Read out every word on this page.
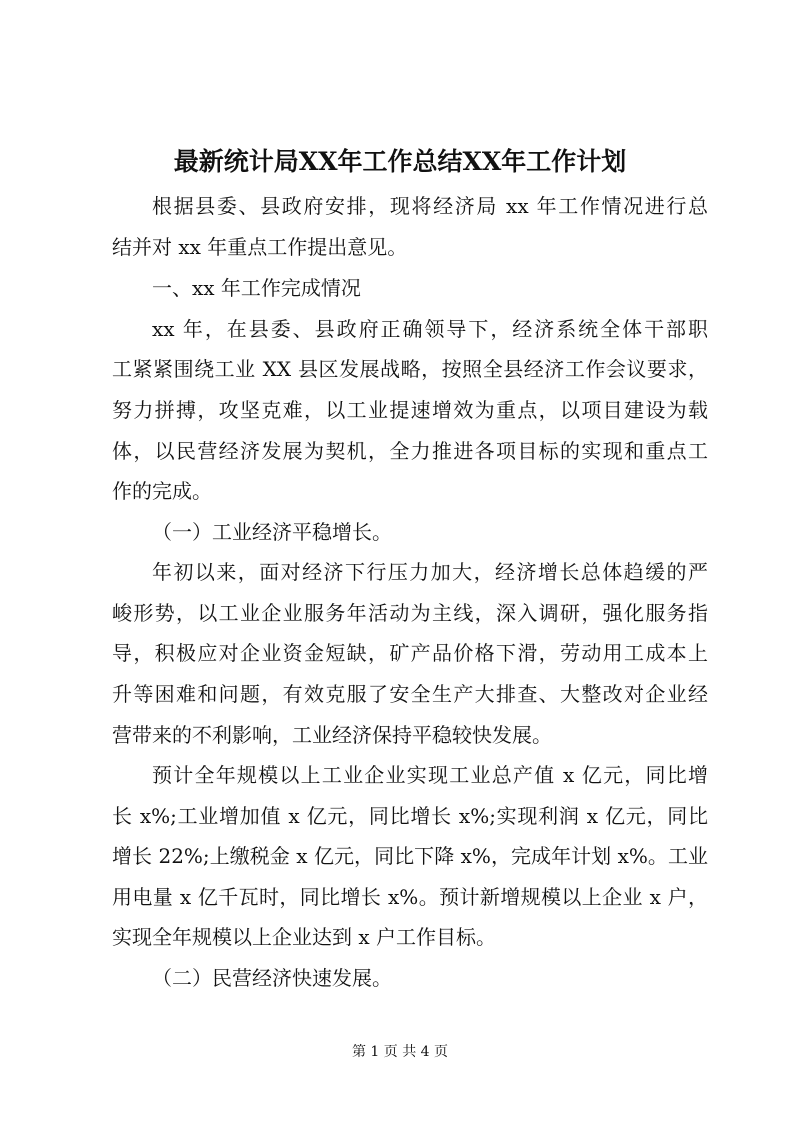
最新统计局XX年工作总结XX年工作计划
根据县委、县政府安排，现将经济局 xx 年工作情况进行总
结并对 xx 年重点工作提出意见。
一、xx 年工作完成情况
xx 年，在县委、县政府正确领导下，经济系统全体干部职
工紧紧围绕工业 XX 县区发展战略，按照全县经济工作会议要求，
努力拼搏，攻坚克难，以工业提速增效为重点，以项目建设为载
体，以民营经济发展为契机，全力推进各项目标的实现和重点工
作的完成。
（一）工业经济平稳增长。
年初以来，面对经济下行压力加大，经济增长总体趋缓的严
峻形势，以工业企业服务年活动为主线，深入调研，强化服务指
导，积极应对企业资金短缺，矿产品价格下滑，劳动用工成本上
升等困难和问题，有效克服了安全生产大排查、大整改对企业经
营带来的不利影响，工业经济保持平稳较快发展。
预计全年规模以上工业企业实现工业总产值 x 亿元，同比增
长 x%;工业增加值 x 亿元，同比增长 x%;实现利润 x 亿元，同比
增长 22%;上缴税金 x 亿元，同比下降 x%，完成年计划 x%。工业
用电量 x 亿千瓦时，同比增长 x%。预计新增规模以上企业 x 户，
实现全年规模以上企业达到 x 户工作目标。
（二）民营经济快速发展。
第 1 页 共 4 页
